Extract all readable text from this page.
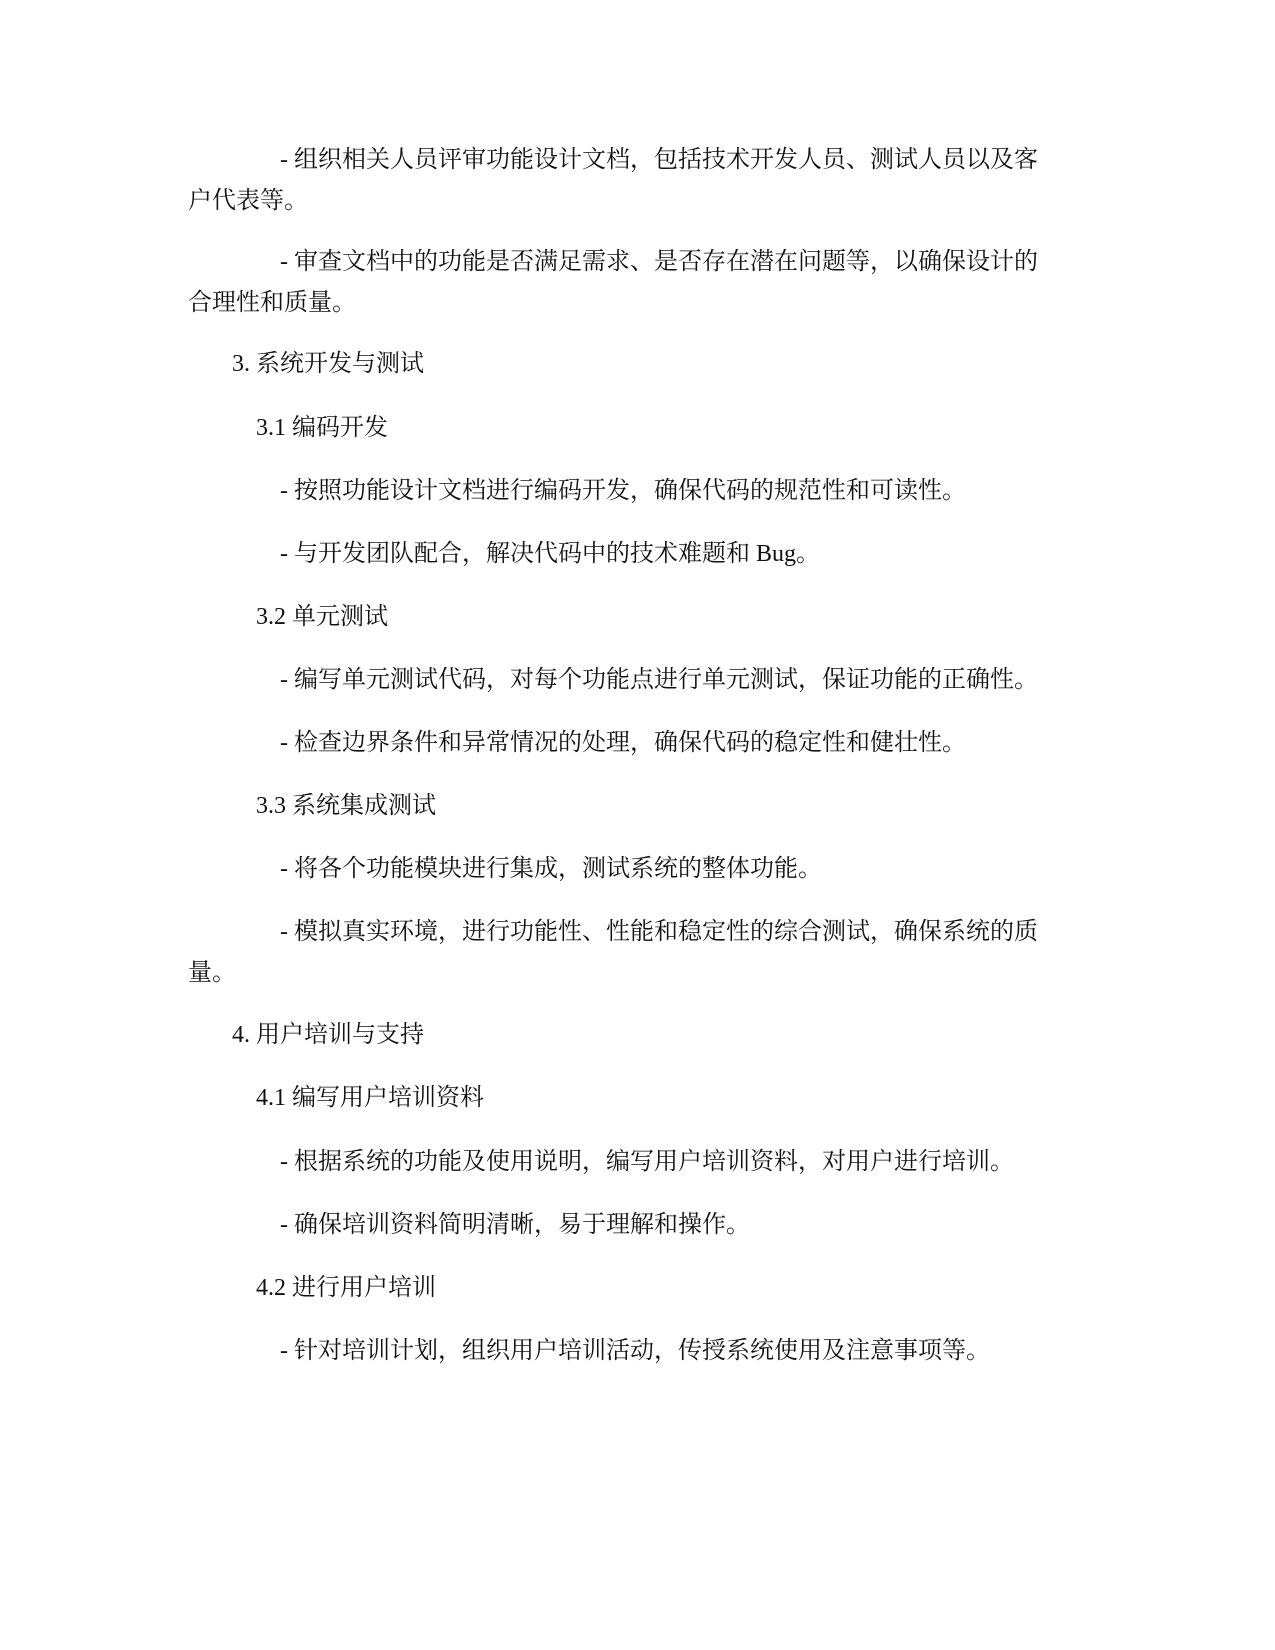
- 组织相关人员评审功能设计文档，包括技术开发人员、测试人员以及客
户代表等。
- 审查文档中的功能是否满足需求、是否存在潜在问题等，以确保设计的
合理性和质量。
3. 系统开发与测试
3.1 编码开发
- 按照功能设计文档进行编码开发，确保代码的规范性和可读性。
- 与开发团队配合，解决代码中的技术难题和 Bug。
3.2 单元测试
- 编写单元测试代码，对每个功能点进行单元测试，保证功能的正确性。
- 检查边界条件和异常情况的处理，确保代码的稳定性和健壮性。
3.3 系统集成测试
- 将各个功能模块进行集成，测试系统的整体功能。
- 模拟真实环境，进行功能性、性能和稳定性的综合测试，确保系统的质
量。
4. 用户培训与支持
4.1 编写用户培训资料
- 根据系统的功能及使用说明，编写用户培训资料，对用户进行培训。
- 确保培训资料简明清晰，易于理解和操作。
4.2 进行用户培训
- 针对培训计划，组织用户培训活动，传授系统使用及注意事项等。
